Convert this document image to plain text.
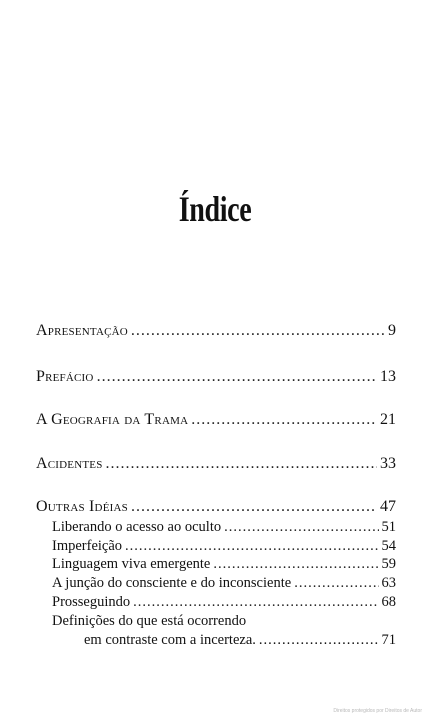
Índice
Apresentação .....	9
Prefácio .....	13
A Geografia da Trama .....	21
Acidentes .....	33
Outras Idéias .....	47
Liberando o acesso ao oculto .....	51
Imperfeição .....	54
Linguagem viva emergente .....	59
A junção do consciente e do inconsciente .....	63
Prosseguindo .....	68
Definições do que está ocorrendo
em contraste com a incerteza. .....	71
Direitos protegidos por Direitos de Autor
